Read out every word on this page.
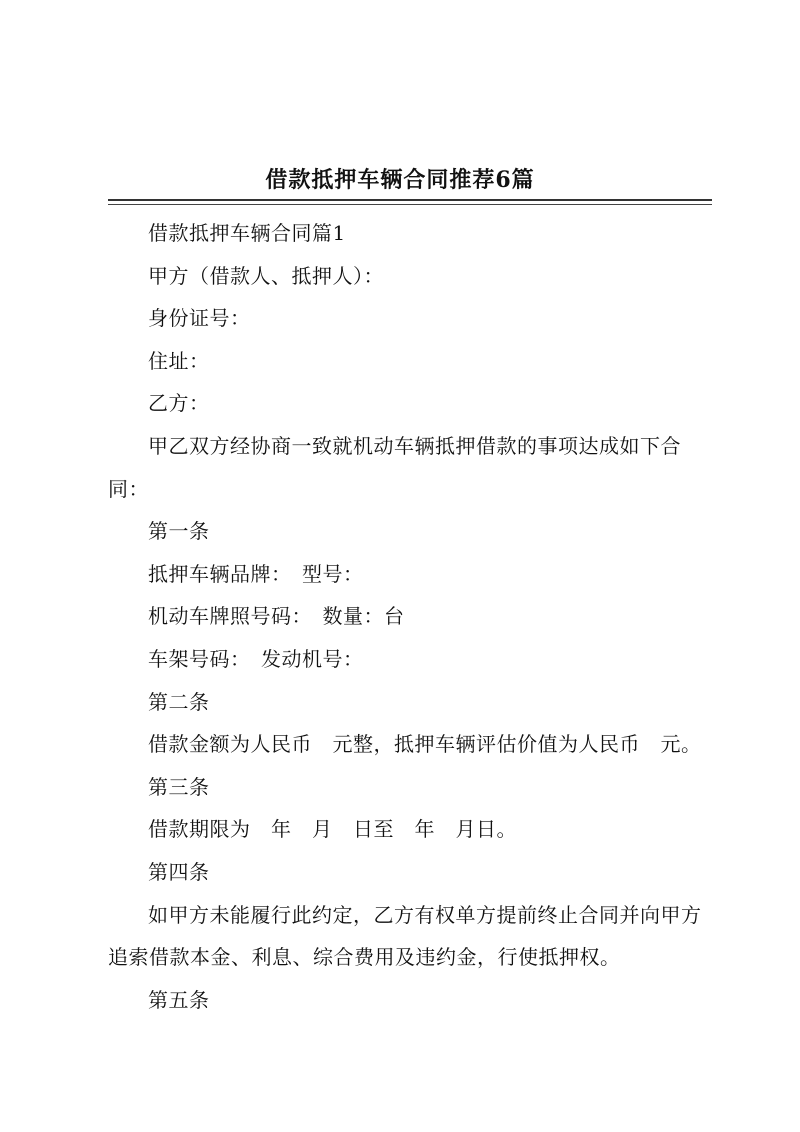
借款抵押车辆合同推荐6篇

借款抵押车辆合同篇1

甲方（借款人、抵押人）：

身份证号：

住址：

乙方：

甲乙双方经协商一致就机动车辆抵押借款的事项达成如下合同：

第一条

抵押车辆品牌：　型号：

机动车牌照号码：　数量：台

车架号码：　发动机号：

第二条

借款金额为人民币　元整，抵押车辆评估价值为人民币　元。

第三条

借款期限为　年　月　日至　年　月日。

第四条

如甲方未能履行此约定，乙方有权单方提前终止合同并向甲方追索借款本金、利息、综合费用及违约金，行使抵押权。

第五条
